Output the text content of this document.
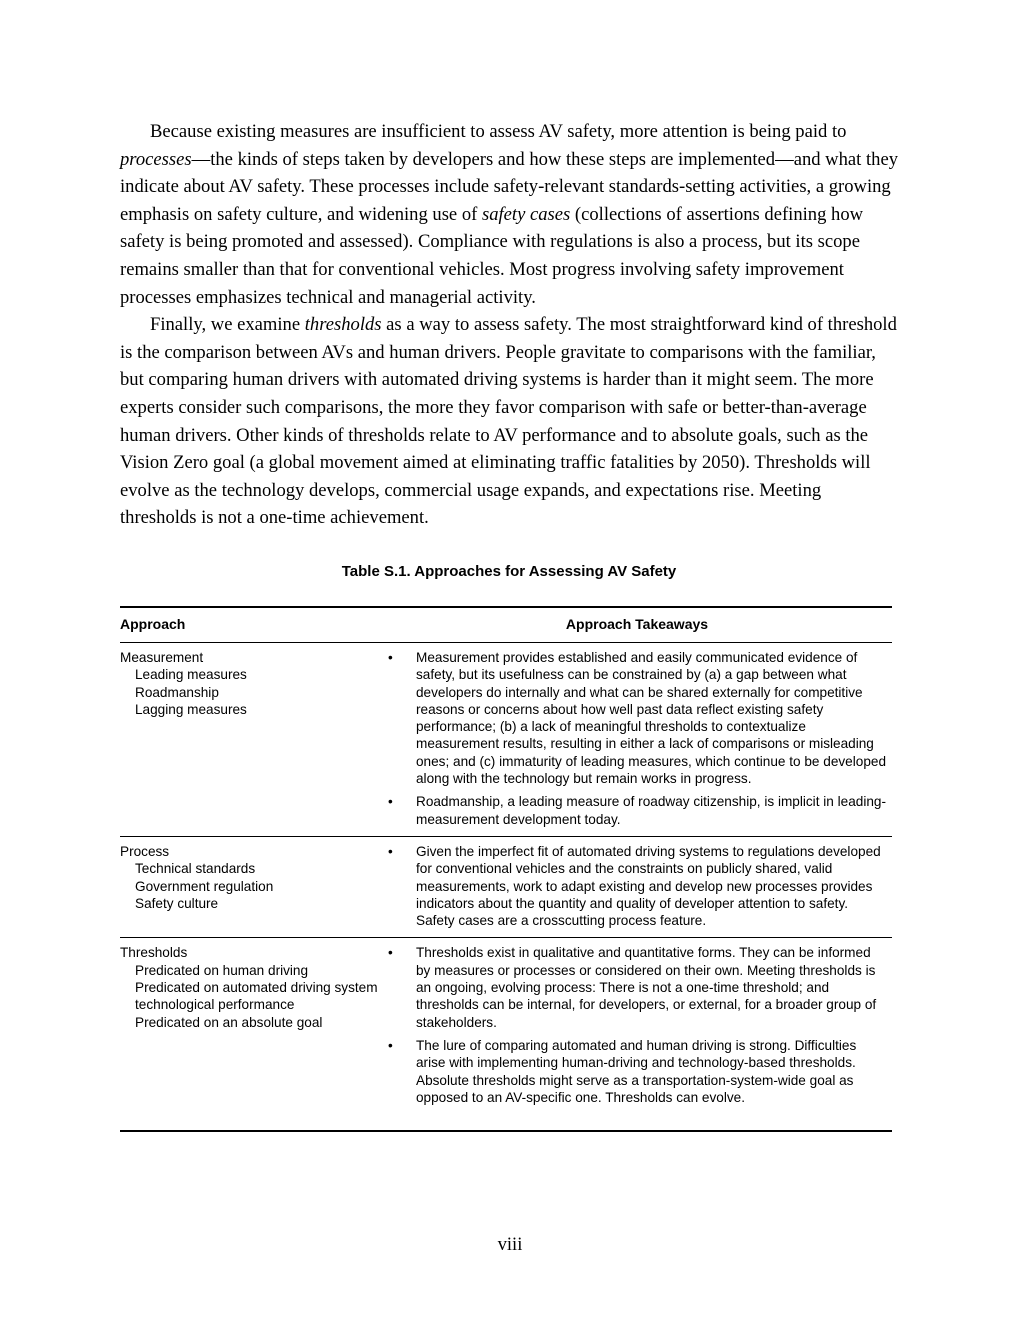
Because existing measures are insufficient to assess AV safety, more attention is being paid to processes—the kinds of steps taken by developers and how these steps are implemented—and what they indicate about AV safety. These processes include safety-relevant standards-setting activities, a growing emphasis on safety culture, and widening use of safety cases (collections of assertions defining how safety is being promoted and assessed). Compliance with regulations is also a process, but its scope remains smaller than that for conventional vehicles. Most progress involving safety improvement processes emphasizes technical and managerial activity.

Finally, we examine thresholds as a way to assess safety. The most straightforward kind of threshold is the comparison between AVs and human drivers. People gravitate to comparisons with the familiar, but comparing human drivers with automated driving systems is harder than it might seem. The more experts consider such comparisons, the more they favor comparison with safe or better-than-average human drivers. Other kinds of thresholds relate to AV performance and to absolute goals, such as the Vision Zero goal (a global movement aimed at eliminating traffic fatalities by 2050). Thresholds will evolve as the technology develops, commercial usage expands, and expectations rise. Meeting thresholds is not a one-time achievement.

Table S.1. Approaches for Assessing AV Safety
Approach	Approach Takeaways
Measurement
Leading measures
Roadmanship
Lagging measures
• Measurement provides established and easily communicated evidence of safety, but its usefulness can be constrained by (a) a gap between what developers do internally and what can be shared externally for competitive reasons or concerns about how well past data reflect existing safety performance; (b) a lack of meaningful thresholds to contextualize measurement results, resulting in either a lack of comparisons or misleading ones; and (c) immaturity of leading measures, which continue to be developed along with the technology but remain works in progress.
• Roadmanship, a leading measure of roadway citizenship, is implicit in leading-measurement development today.
Process
Technical standards
Government regulation
Safety culture
• Given the imperfect fit of automated driving systems to regulations developed for conventional vehicles and the constraints on publicly shared, valid measurements, work to adapt existing and develop new processes provides indicators about the quantity and quality of developer attention to safety. Safety cases are a crosscutting process feature.
Thresholds
Predicated on human driving
Predicated on automated driving system technological performance
Predicated on an absolute goal
• Thresholds exist in qualitative and quantitative forms. They can be informed by measures or processes or considered on their own. Meeting thresholds is an ongoing, evolving process: There is not a one-time threshold; and thresholds can be internal, for developers, or external, for a broader group of stakeholders.
• The lure of comparing automated and human driving is strong. Difficulties arise with implementing human-driving and technology-based thresholds. Absolute thresholds might serve as a transportation-system-wide goal as opposed to an AV-specific one. Thresholds can evolve.
viii
